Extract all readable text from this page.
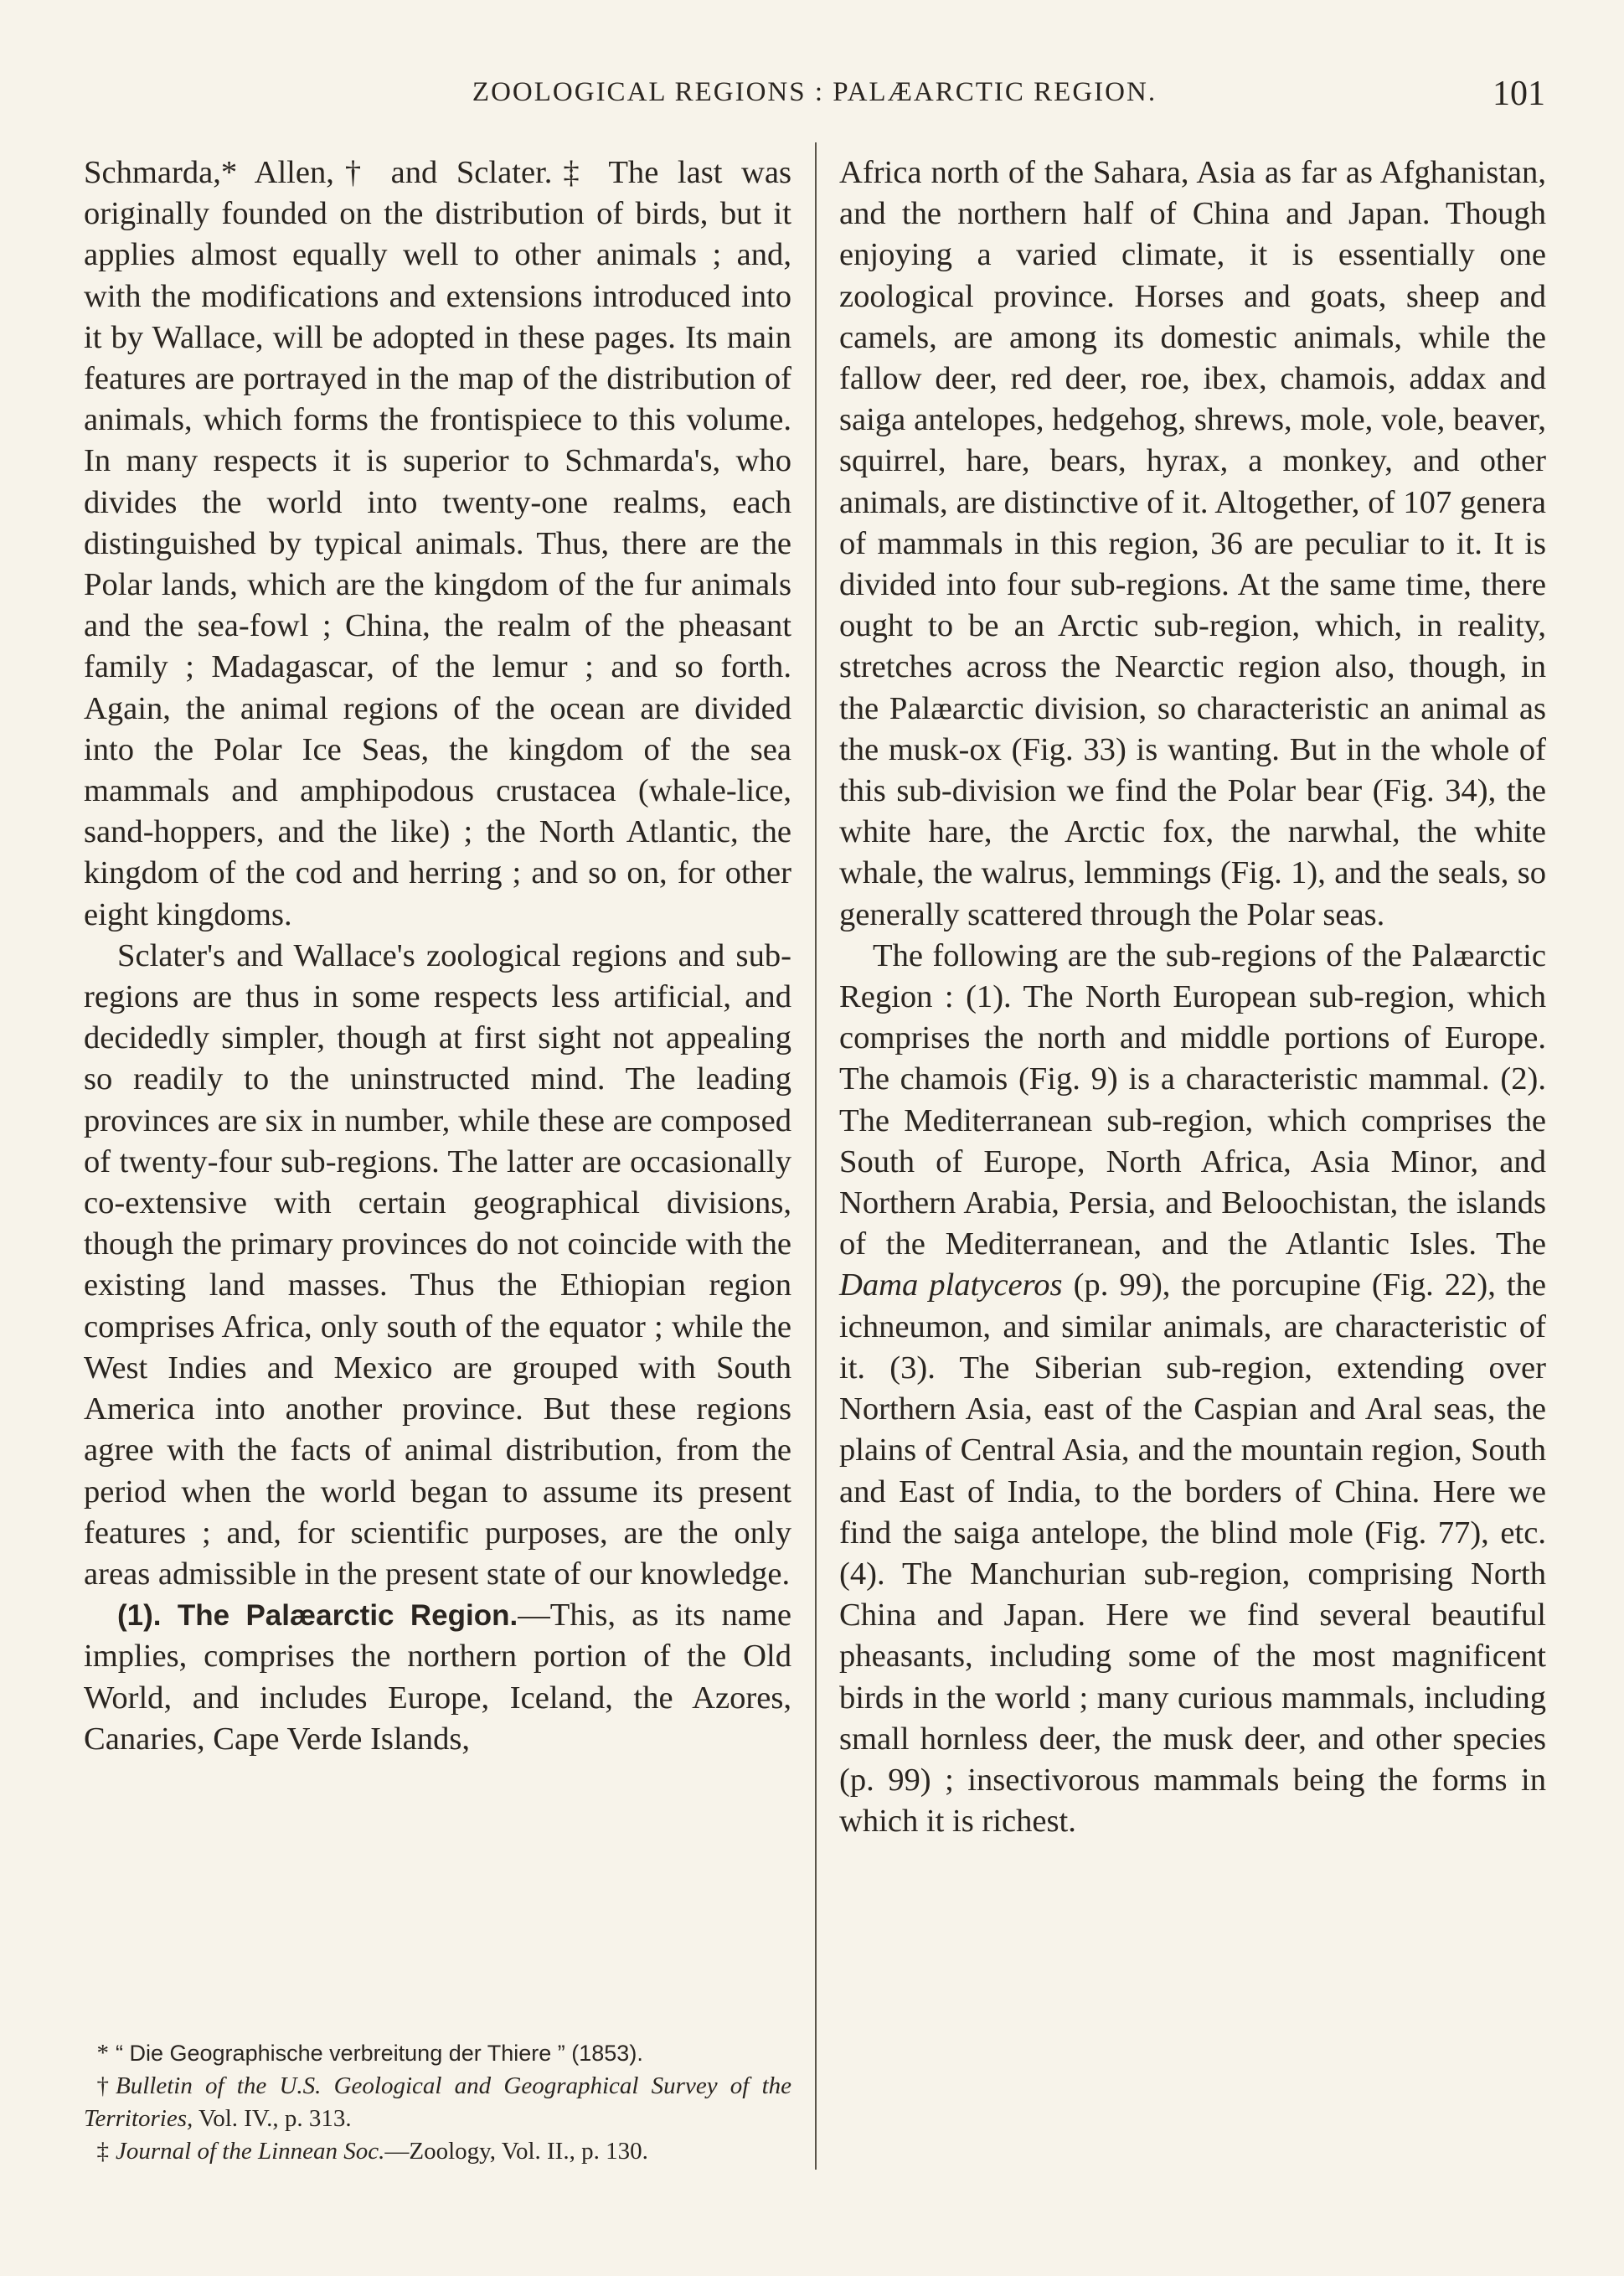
ZOOLOGICAL REGIONS : PALÆARCTIC REGION.	101

Schmarda,* Allen,† and Sclater.‡ The last was originally founded on the distribution of birds, but it applies almost equally well to other animals ; and, with the modifications and extensions introduced into it by Wallace, will be adopted in these pages. Its main features are portrayed in the map of the distribution of animals, which forms the frontispiece to this volume. In many respects it is superior to Schmarda's, who divides the world into twenty-one realms, each distinguished by typical animals. Thus, there are the Polar lands, which are the kingdom of the fur animals and the sea-fowl ; China, the realm of the pheasant family ; Madagascar, of the lemur ; and so forth. Again, the animal regions of the ocean are divided into the Polar Ice Seas, the kingdom of the sea mammals and amphipodous crustacea (whale-lice, sand-hoppers, and the like) ; the North Atlantic, the kingdom of the cod and herring ; and so on, for other eight kingdoms.

Sclater's and Wallace's zoological regions and sub-regions are thus in some respects less artificial, and decidedly simpler, though at first sight not appealing so readily to the uninstructed mind. The leading provinces are six in number, while these are composed of twenty-four sub-regions. The latter are occasionally co-extensive with certain geographical divisions, though the primary provinces do not coincide with the existing land masses. Thus the Ethiopian region comprises Africa, only south of the equator ; while the West Indies and Mexico are grouped with South America into another province. But these regions agree with the facts of animal distribution, from the period when the world began to assume its present features ; and, for scientific purposes, are the only areas admissible in the present state of our knowledge.

(1). The Palæarctic Region.—This, as its name implies, comprises the northern portion of the Old World, and includes Europe, Iceland, the Azores, Canaries, Cape Verde Islands,

* “ Die Geographische verbreitung der Thiere ” (1853).

† Bulletin of the U.S. Geological and Geographical Survey of the Territories, Vol. IV., p. 313.

‡ Journal of the Linnean Soc.—Zoology, Vol. II., p. 130.

Africa north of the Sahara, Asia as far as Afghanistan, and the northern half of China and Japan. Though enjoying a varied climate, it is essentially one zoological province. Horses and goats, sheep and camels, are among its domestic animals, while the fallow deer, red deer, roe, ibex, chamois, addax and saiga antelopes, hedgehog, shrews, mole, vole, beaver, squirrel, hare, bears, hyrax, a monkey, and other animals, are distinctive of it. Altogether, of 107 genera of mammals in this region, 36 are peculiar to it. It is divided into four sub-regions. At the same time, there ought to be an Arctic sub-region, which, in reality, stretches across the Nearctic region also, though, in the Palæarctic division, so characteristic an animal as the musk-ox (Fig. 33) is wanting. But in the whole of this sub-division we find the Polar bear (Fig. 34), the white hare, the Arctic fox, the narwhal, the white whale, the walrus, lemmings (Fig. 1), and the seals, so generally scattered through the Polar seas.

The following are the sub-regions of the Palæarctic Region : (1). The North European sub-region, which comprises the north and middle portions of Europe. The chamois (Fig. 9) is a characteristic mammal. (2). The Mediterranean sub-region, which comprises the South of Europe, North Africa, Asia Minor, and Northern Arabia, Persia, and Beloochistan, the islands of the Mediterranean, and the Atlantic Isles. The Dama platyceros (p. 99), the porcupine (Fig. 22), the ichneumon, and similar animals, are characteristic of it. (3). The Siberian sub-region, extending over Northern Asia, east of the Caspian and Aral seas, the plains of Central Asia, and the mountain region, South and East of India, to the borders of China. Here we find the saiga antelope, the blind mole (Fig. 77), etc. (4). The Manchurian sub-region, comprising North China and Japan. Here we find several beautiful pheasants, including some of the most magnificent birds in the world ; many curious mammals, including small hornless deer, the musk deer, and other species (p. 99) ; insectivorous mammals being the forms in which it is richest.
